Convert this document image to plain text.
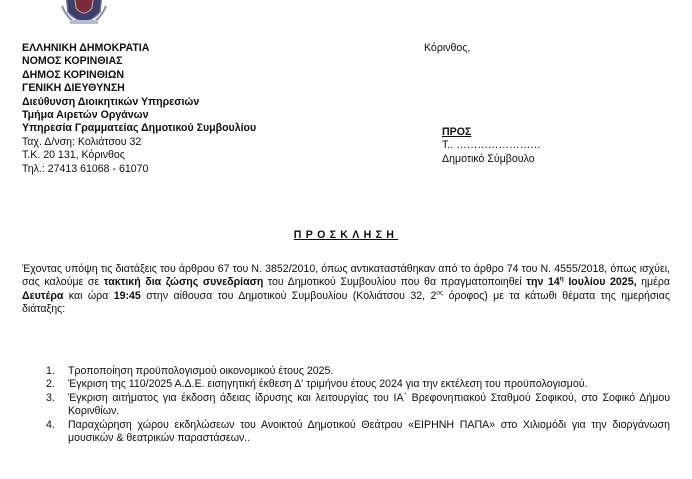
ΕΛΛΗΝΙΚΗ ΔΗΜΟΚΡΑΤΙΑ
ΝΟΜΟΣ ΚΟΡΙΝΘΙΑΣ
ΔΗΜΟΣ ΚΟΡΙΝΘΙΩΝ
ΓΕΝΙΚΗ ΔΙΕΥΘΥΝΣΗ
Διεύθυνση Διοικητικών Υπηρεσιών
Τμήμα Αιρετών Οργάνων
Υπηρεσία Γραμματείας Δημοτικού Συμβουλίου
Ταχ. Δ/νση: Κολιάτσου 32
Τ.Κ. 20 131, Κόρινθος
Τηλ.: 27413 61068 - 61070
Κόρινθος,
ΠΡΟΣ
Τ.. ……………………
Δημοτικό Σύμβουλο
ΠΡΟΣΚΛΗΣΗ
Έχοντας υπόψη τις διατάξεις του άρθρου 67 του Ν. 3852/2010, όπως αντικαταστάθηκαν από το άρθρο 74 του Ν. 4555/2018, όπως ισχύει, σας καλούμε σε τακτική δια ζώσης συνεδρίαση του Δημοτικού Συμβουλίου που θα πραγματοποιηθεί την $14^\eta$ Ιουλίου 2025, ημέρα Δευτέρα και ώρα 19:45 στην αίθουσα του Δημοτικού Συμβουλίου (Κολιάτσου 32, $2^{o\varsigma}$ όροφος) με τα κάτωθι θέματα της ημερήσιας διάταξης:
1. Τροποποίηση προϋπολογισμού οικονομικού έτους 2025.
2. Έγκριση της 110/2025 Α.Δ.Ε. εισηγητική έκθεση Δ' τριμήνου έτους 2024 για την εκτέλεση του προϋπολογισμού.
3. Έγκριση αιτήματος για έκδοση άδειας ίδρυσης και λειτουργίας του ΙΑ΄ Βρεφονηπιακού Σταθμού Σοφικού, στο Σοφικό Δήμου Κορινθίων.
4. Παραχώρηση χώρου εκδηλώσεων του Ανοικτού Δημοτικού Θεάτρου «ΕΙΡΗΝΗ ΠΑΠΑ» στο Χιλιομόδι για την διοργάνωση μουσικών & θεατρικών παραστάσεων..
